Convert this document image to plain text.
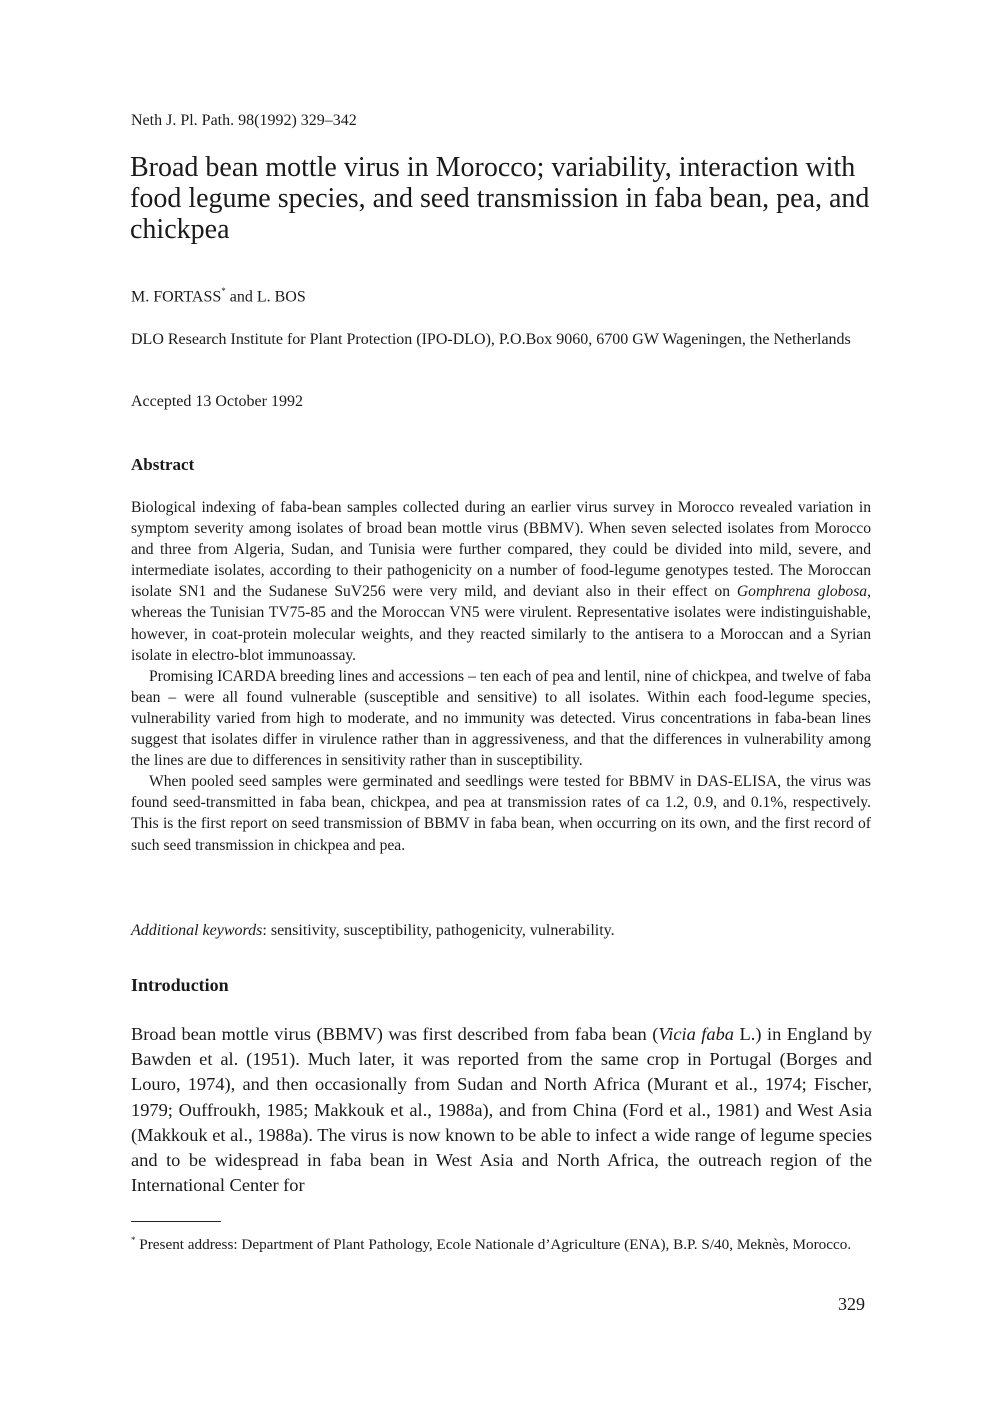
Neth J. Pl. Path. 98(1992) 329–342
Broad bean mottle virus in Morocco; variability, interaction with food legume species, and seed transmission in faba bean, pea, and chickpea
M. FORTASS* and L. BOS
DLO Research Institute for Plant Protection (IPO-DLO), P.O.Box 9060, 6700 GW Wageningen, the Netherlands
Accepted 13 October 1992
Abstract

Biological indexing of faba-bean samples collected during an earlier virus survey in Morocco revealed variation in symptom severity among isolates of broad bean mottle virus (BBMV). When seven selected isolates from Morocco and three from Algeria, Sudan, and Tunisia were further compared, they could be divided into mild, severe, and intermediate isolates, according to their pathogenicity on a number of food-legume genotypes tested. The Moroccan isolate SN1 and the Sudanese SuV256 were very mild, and deviant also in their effect on Gomphrena globosa, whereas the Tunisian TV75-85 and the Moroccan VN5 were virulent. Representative isolates were indistinguishable, however, in coat-protein molecular weights, and they reacted similarly to the antisera to a Moroccan and a Syrian isolate in electro-blot immunoassay.

Promising ICARDA breeding lines and accessions – ten each of pea and lentil, nine of chickpea, and twelve of faba bean – were all found vulnerable (susceptible and sensitive) to all isolates. Within each food-legume species, vulnerability varied from high to moderate, and no immunity was detected. Virus concentrations in faba-bean lines suggest that isolates differ in virulence rather than in aggressiveness, and that the differences in vulnerability among the lines are due to differences in sensitivity rather than in susceptibility.

When pooled seed samples were germinated and seedlings were tested for BBMV in DAS-ELISA, the virus was found seed-transmitted in faba bean, chickpea, and pea at transmission rates of ca 1.2, 0.9, and 0.1%, respectively. This is the first report on seed transmission of BBMV in faba bean, when occurring on its own, and the first record of such seed transmission in chickpea and pea.

Additional keywords: sensitivity, susceptibility, pathogenicity, vulnerability.
Introduction

Broad bean mottle virus (BBMV) was first described from faba bean (Vicia faba L.) in England by Bawden et al. (1951). Much later, it was reported from the same crop in Portugal (Borges and Louro, 1974), and then occasionally from Sudan and North Africa (Murant et al., 1974; Fischer, 1979; Ouffroukh, 1985; Makkouk et al., 1988a), and from China (Ford et al., 1981) and West Asia (Makkouk et al., 1988a). The virus is now known to be able to infect a wide range of legume species and to be widespread in faba bean in West Asia and North Africa, the outreach region of the International Center for

* Present address: Department of Plant Pathology, Ecole Nationale d’Agriculture (ENA), B.P. S/40, Meknès, Morocco.

329
